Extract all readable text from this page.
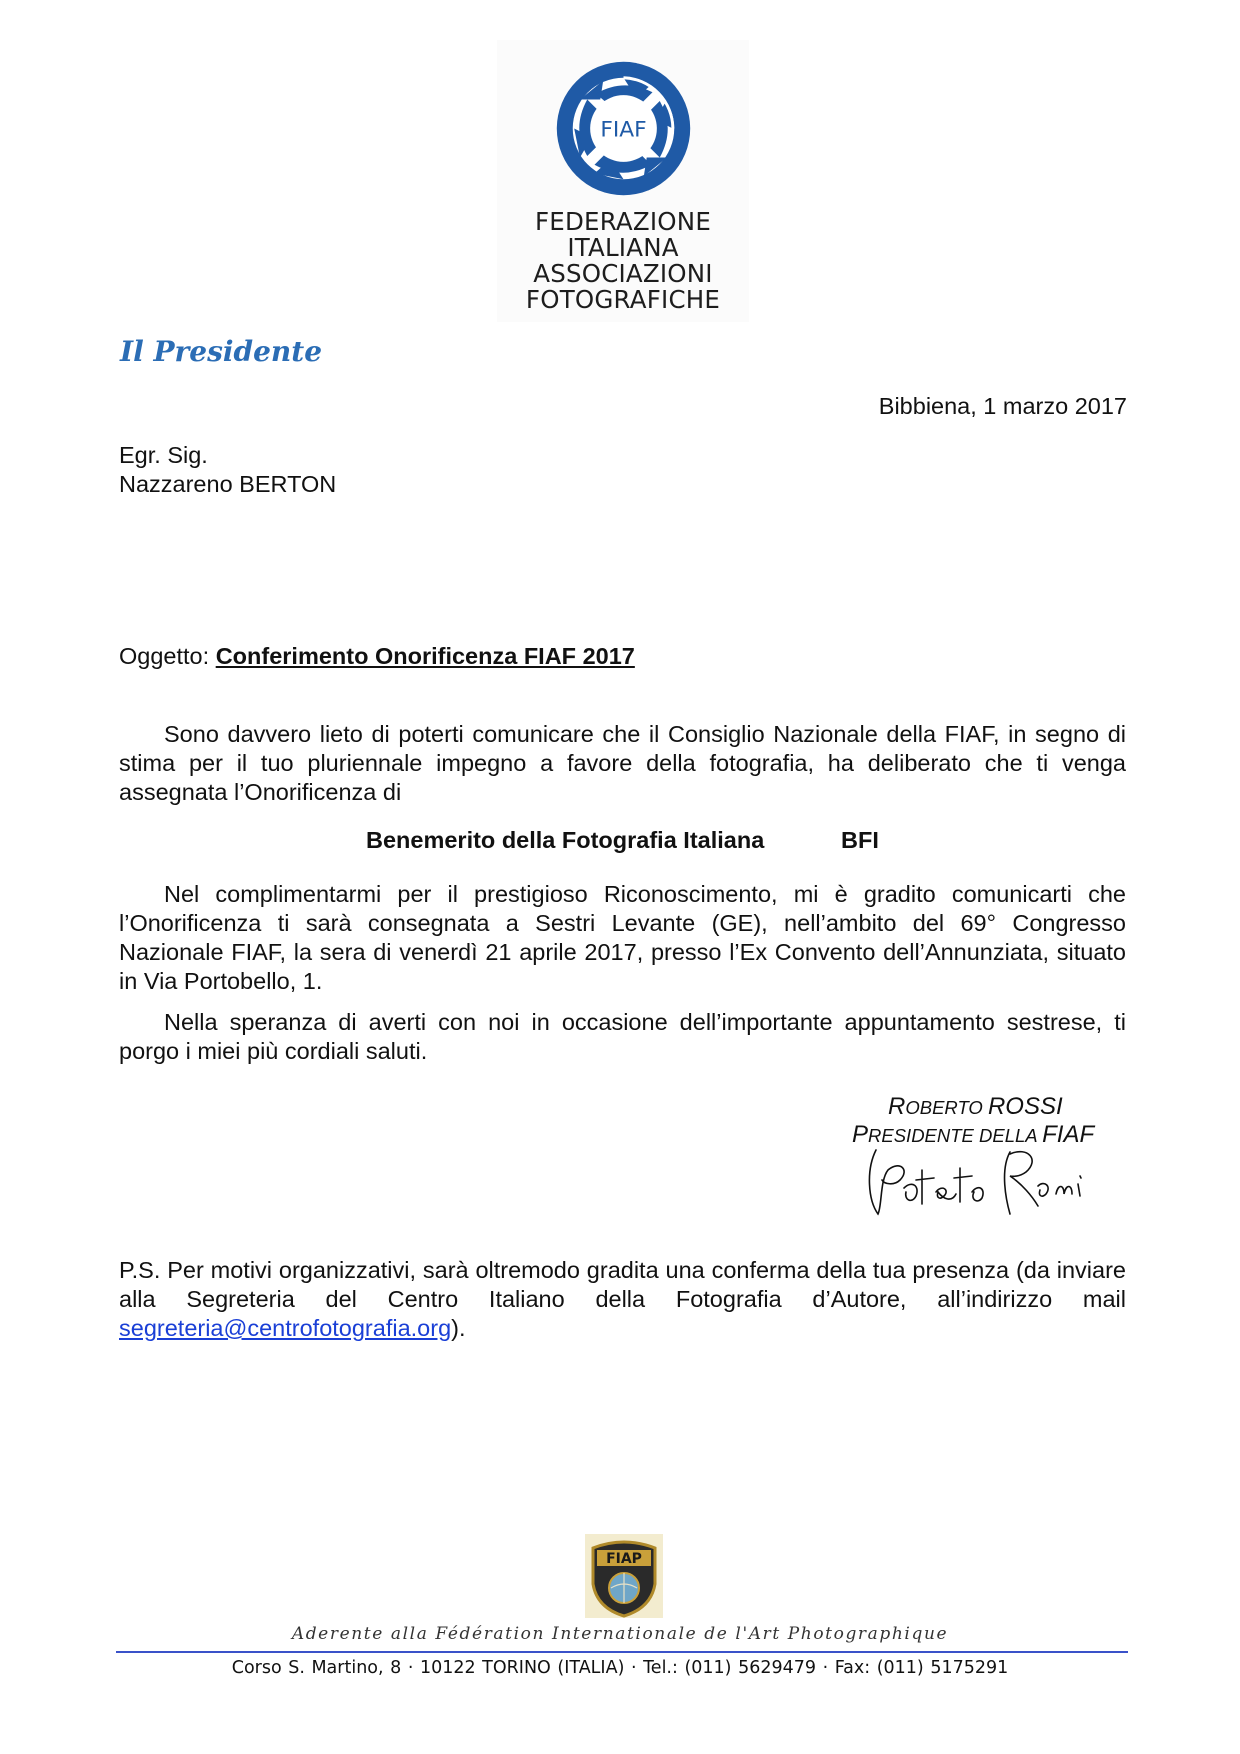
FEDERAZIONE
ITALIANA
ASSOCIAZIONI
FOTOGRAFICHE
FIAF
Il Presidente
Bibbiena, 1 marzo 2017
Egr. Sig.
Nazzareno BERTON
Oggetto: Conferimento Onorificenza FIAF 2017
Sono davvero lieto di poterti comunicare che il Consiglio Nazionale della FIAF, in segno di stima per il tuo pluriennale impegno a favore della fotografia, ha deliberato che ti venga assegnata l’Onorificenza di
Benemerito della Fotografia Italiana	BFI
Nel complimentarmi per il prestigioso Riconoscimento, mi è gradito comunicarti che l’Onorificenza ti sarà consegnata a Sestri Levante (GE), nell’ambito del 69° Congresso Nazionale FIAF, la sera di venerdì 21 aprile 2017, presso l’Ex Convento dell’Annunziata, situato in Via Portobello, 1.
Nella speranza di averti con noi in occasione dell’importante appuntamento sestrese, ti porgo i miei più cordiali saluti.
ROBERTO ROSSI
PRESIDENTE DELLA FIAF
P.S. Per motivi organizzativi, sarà oltremodo gradita una conferma della tua presenza (da inviare alla Segreteria del Centro Italiano della Fotografia d’Autore, all’indirizzo mail segreteria@centrofotografia.org).
FIAP
Aderente alla Fédération Internationale de l'Art Photographique
Corso S. Martino, 8 · 10122 TORINO (ITALIA) · Tel.: (011) 5629479 · Fax: (011) 5175291
